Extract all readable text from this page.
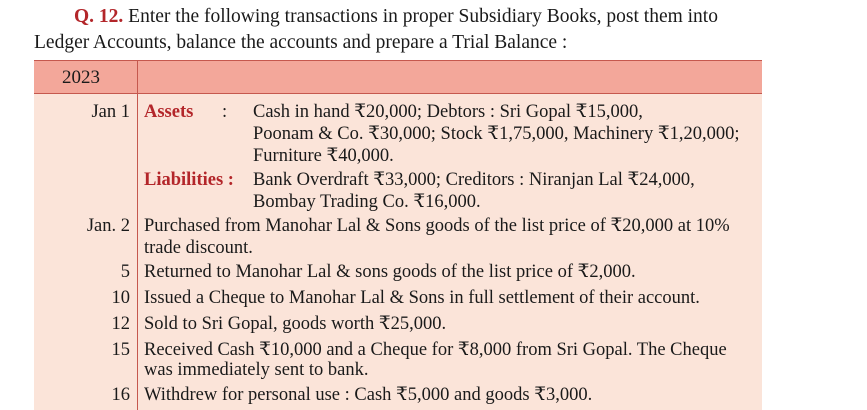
Q. 12. Enter the following transactions in proper Subsidiary Books, post them into
Ledger Accounts, balance the accounts and prepare a Trial Balance :
2023
Jan 1 Assets : Cash in hand ₹20,000; Debtors : Sri Gopal ₹15,000,
Poonam & Co. ₹30,000; Stock ₹1,75,000, Machinery ₹1,20,000;
Furniture ₹40,000.
Liabilities : Bank Overdraft ₹33,000; Creditors : Niranjan Lal ₹24,000,
Bombay Trading Co. ₹16,000.
Jan. 2 Purchased from Manohar Lal & Sons goods of the list price of ₹20,000 at 10%
trade discount.
5 Returned to Manohar Lal & sons goods of the list price of ₹2,000.
10 Issued a Cheque to Manohar Lal & Sons in full settlement of their account.
12 Sold to Sri Gopal, goods worth ₹25,000.
15 Received Cash ₹10,000 and a Cheque for ₹8,000 from Sri Gopal. The Cheque
was immediately sent to bank.
16 Withdrew for personal use : Cash ₹5,000 and goods ₹3,000.
